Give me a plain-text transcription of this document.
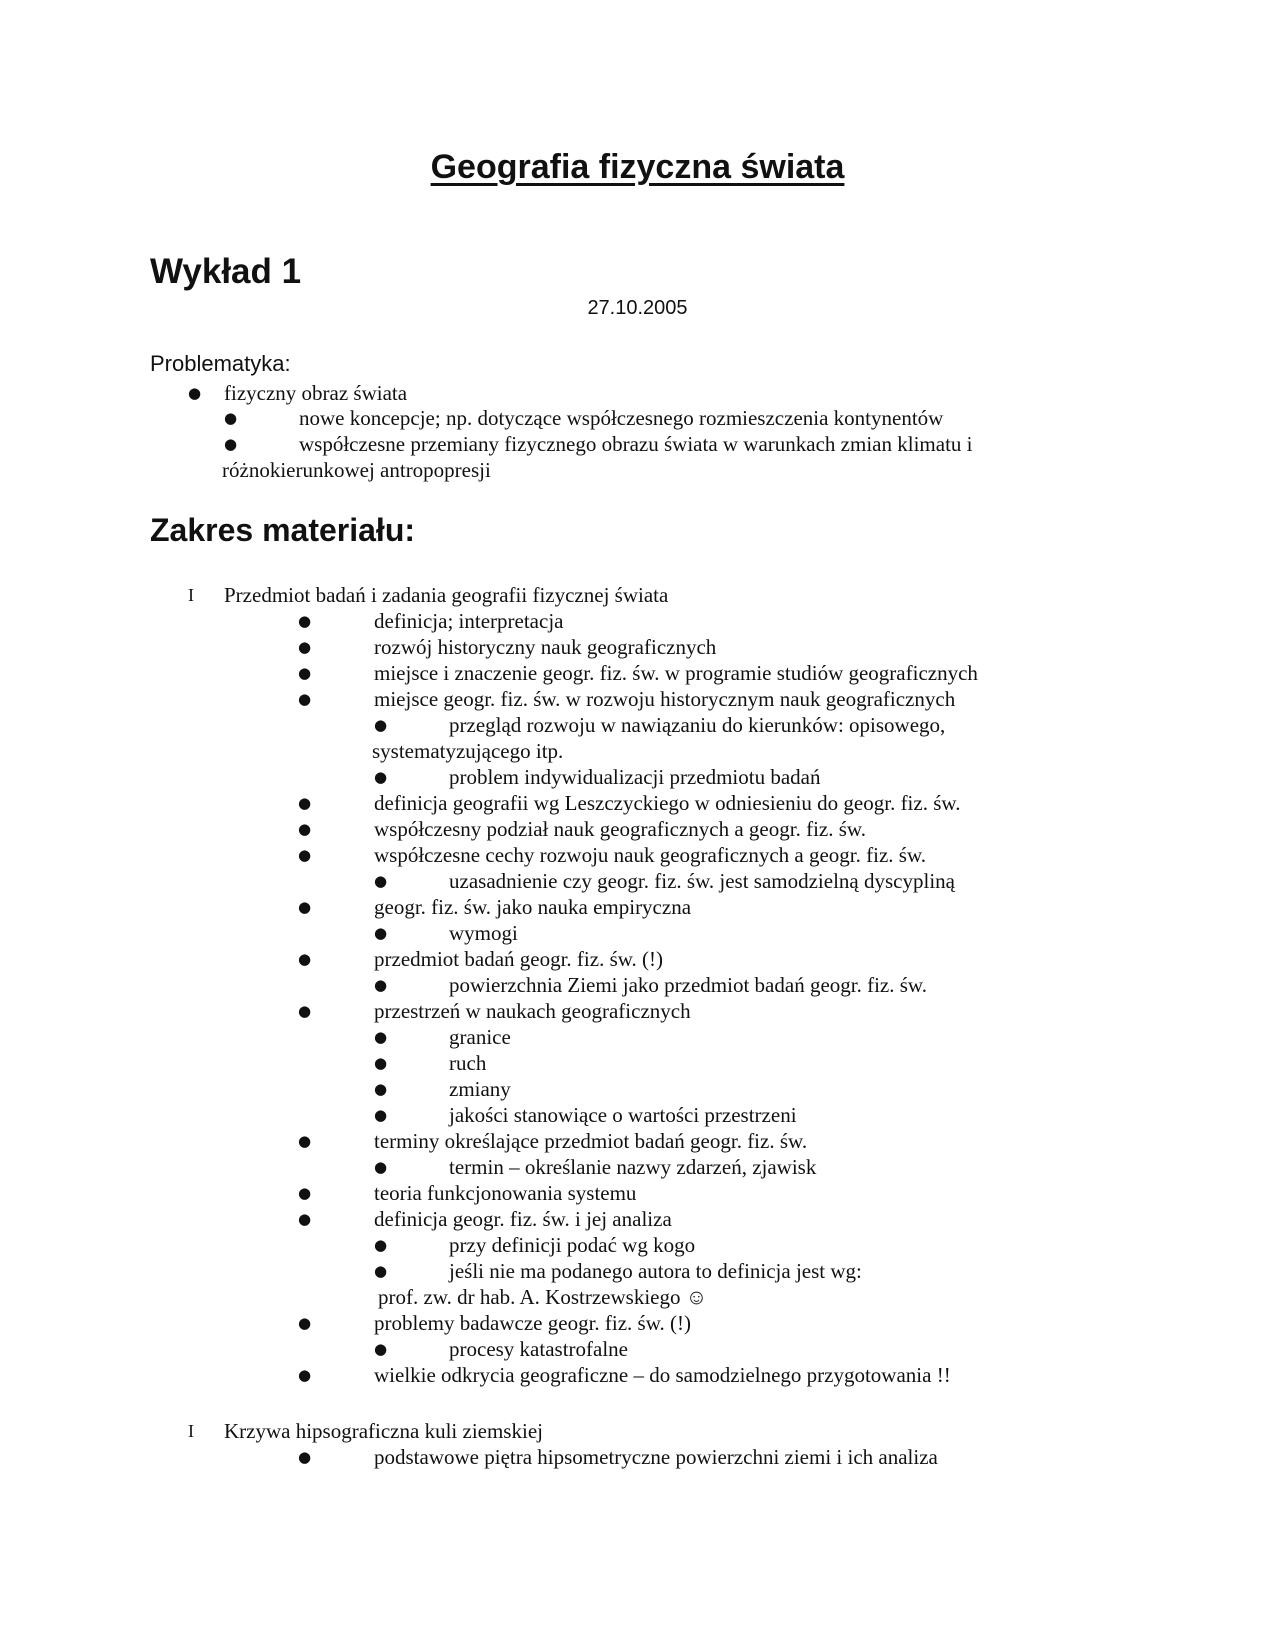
Geografia fizyczna świata
Wykład 1
27.10.2005
Problematyka:
● fizyczny obraz świata
●	nowe koncepcje; np. dotyczące współczesnego rozmieszczenia kontynentów
●	współczesne przemiany fizycznego obrazu świata w warunkach zmian klimatu i
różnokierunkowej antropopresji
Zakres materiału:
I Przedmiot badań i zadania geografii fizycznej świata
●	definicja; interpretacja
●	rozwój historyczny nauk geograficznych
●	miejsce i znaczenie geogr. fiz. św. w programie studiów geograficznych
●	miejsce geogr. fiz. św. w rozwoju historycznym nauk geograficznych
●	przegląd rozwoju w nawiązaniu do kierunków: opisowego,
systematyzującego itp.
●	problem indywidualizacji przedmiotu badań
●	definicja geografii wg Leszczyckiego w odniesieniu do geogr. fiz. św.
●	współczesny podział nauk geograficznych a geogr. fiz. św.
●	współczesne cechy rozwoju nauk geograficznych a geogr. fiz. św.
●	uzasadnienie czy geogr. fiz. św. jest samodzielną dyscypliną
●	geogr. fiz. św. jako nauka empiryczna
●	wymogi
●	przedmiot badań geogr. fiz. św. (!)
●	powierzchnia Ziemi jako przedmiot badań geogr. fiz. św.
●	przestrzeń w naukach geograficznych
●	granice
●	ruch
●	zmiany
●	jakości stanowiące o wartości przestrzeni
●	terminy określające przedmiot badań geogr. fiz. św.
●	termin – określanie nazwy zdarzeń, zjawisk
●	teoria funkcjonowania systemu
●	definicja geogr. fiz. św. i jej analiza
●	przy definicji podać wg kogo
●	jeśli nie ma podanego autora to definicja jest wg:
prof. zw. dr hab. A. Kostrzewskiego ☺
●	problemy badawcze geogr. fiz. św. (!)
●	procesy katastrofalne
●	wielkie odkrycia geograficzne – do samodzielnego przygotowania !!
I Krzywa hipsograficzna kuli ziemskiej
●	podstawowe piętra hipsometryczne powierzchni ziemi i ich analiza
